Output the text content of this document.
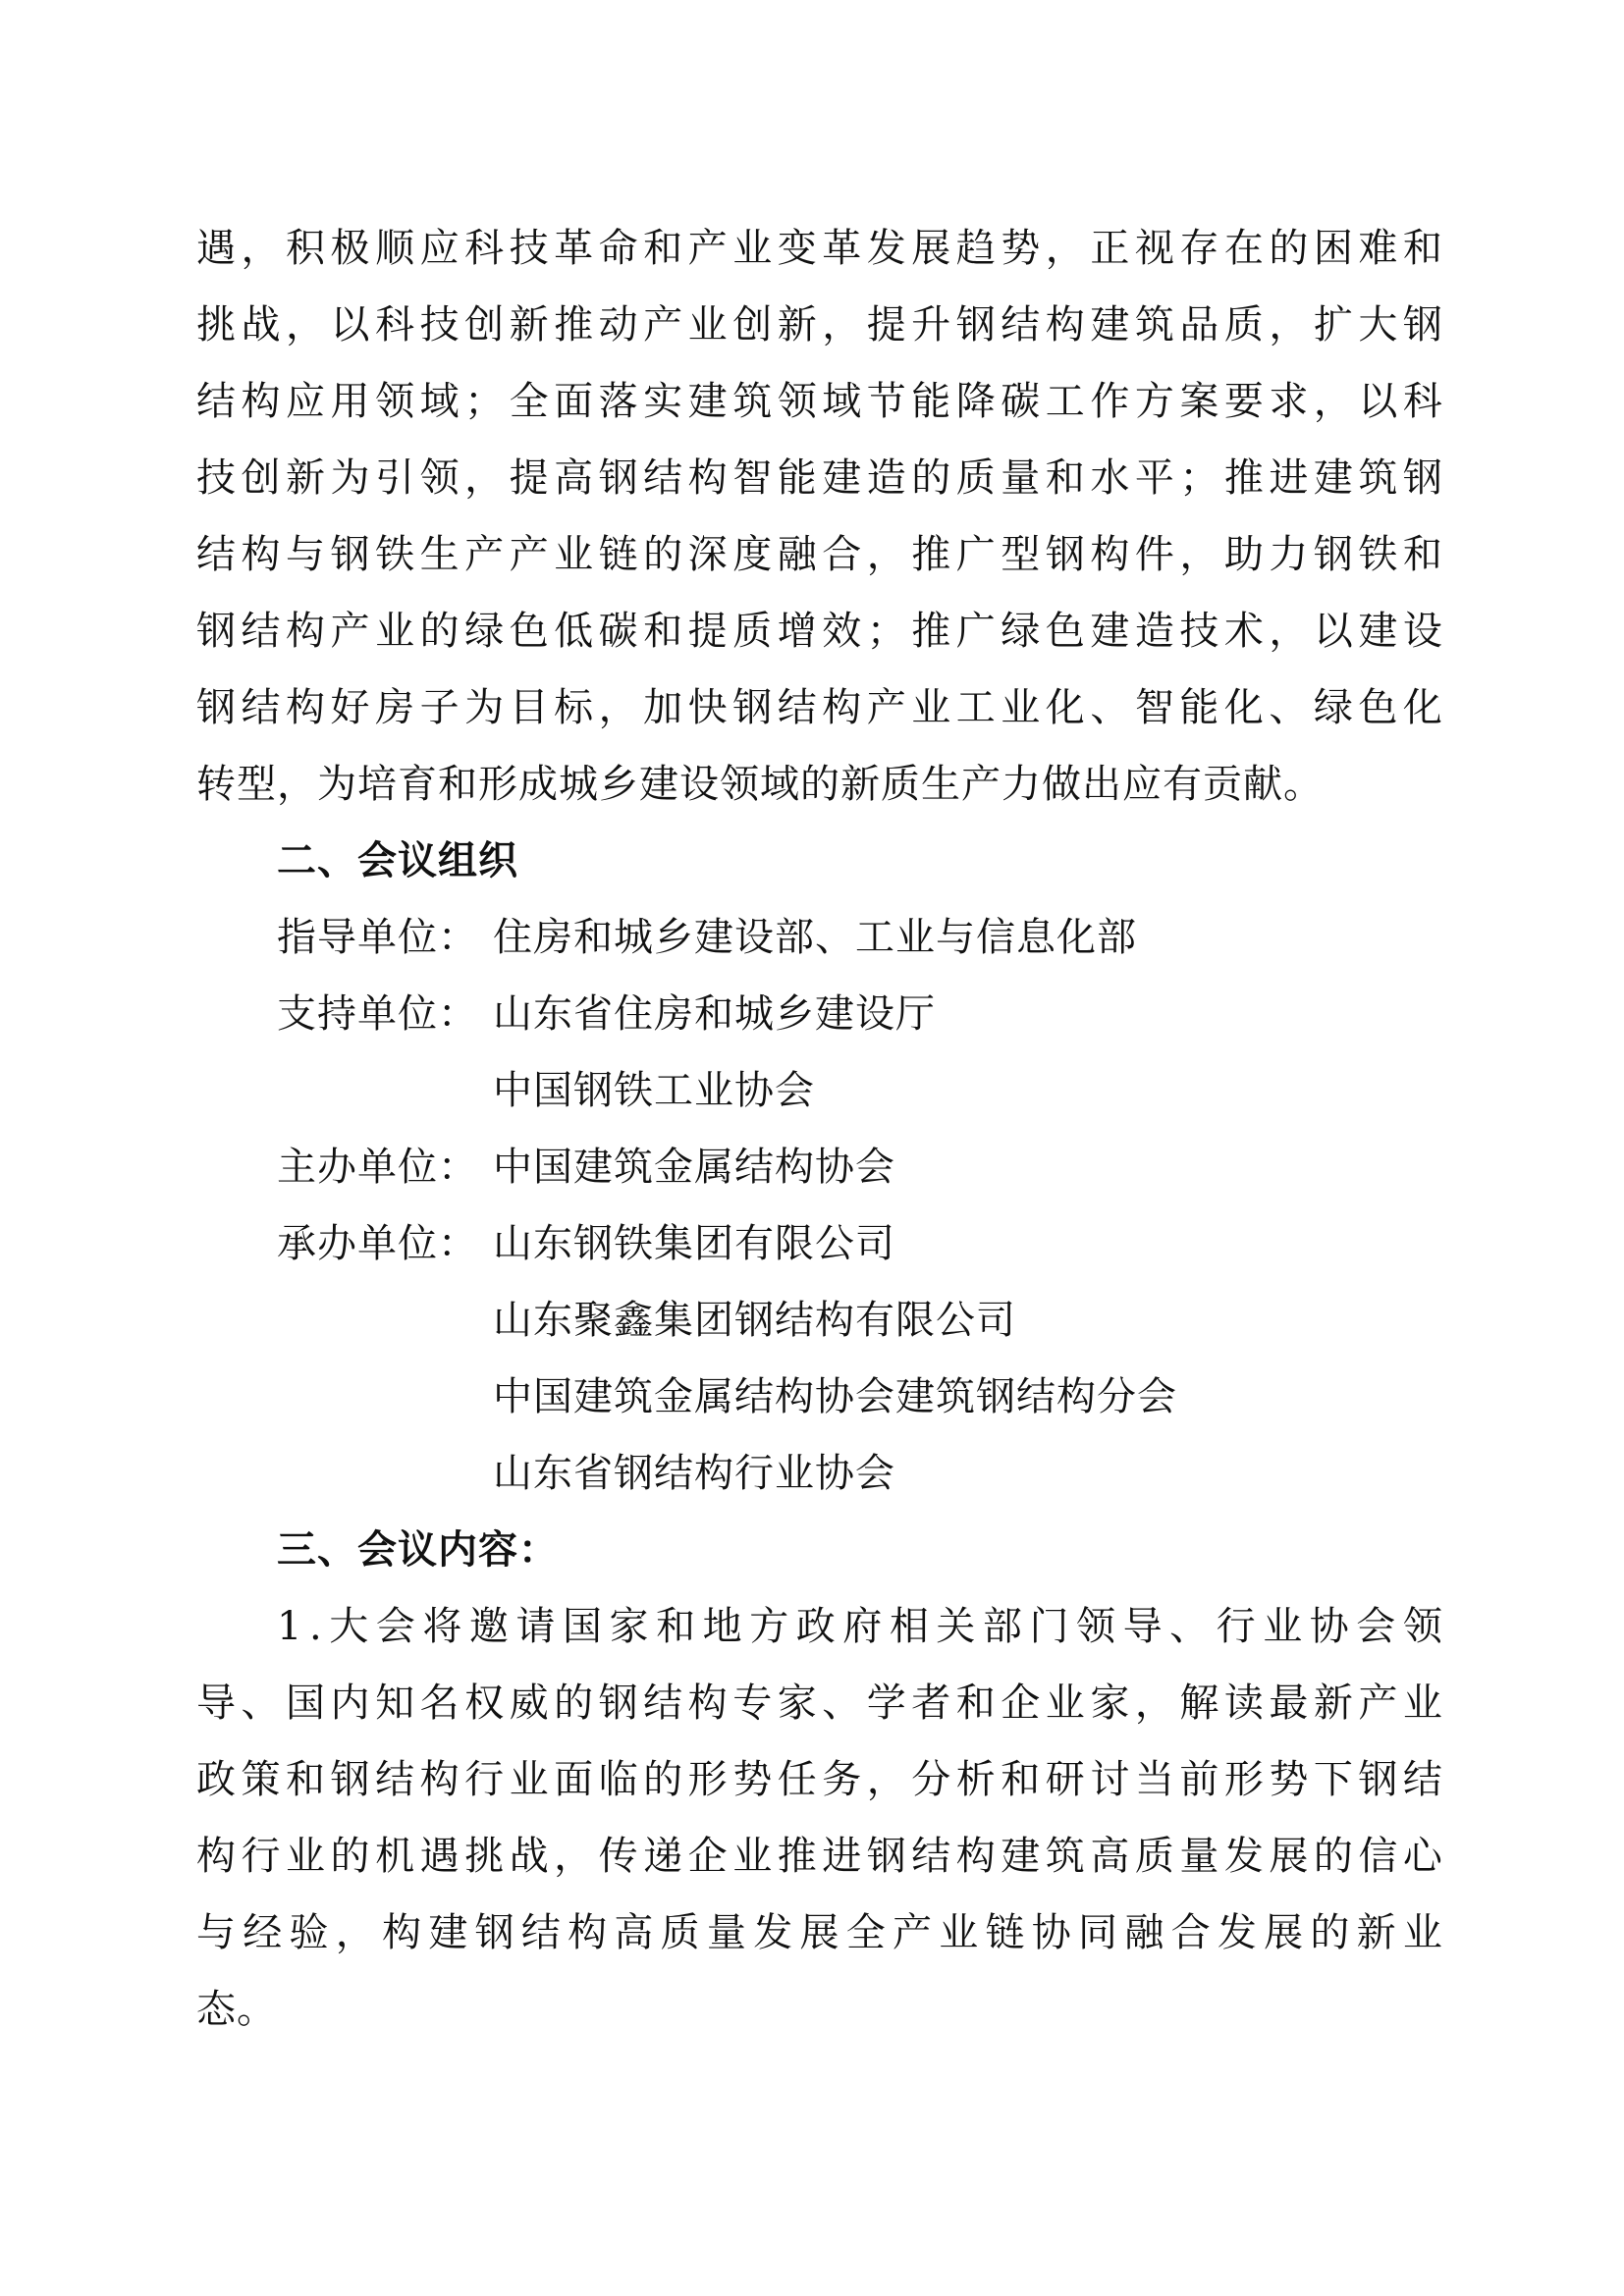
遇 ， 积 极 顺 应 科 技 革 命 和 产 业 变 革 发 展 趋 势 ， 正 视 存 在 的 困 难 和
挑 战 ， 以 科 技 创 新 推 动 产 业 创 新 ， 提 升 钢 结 构 建 筑 品 质 ， 扩 大 钢
结 构 应 用 领 域 ； 全 面 落 实 建 筑 领 域 节 能 降 碳 工 作 方 案 要 求 ， 以 科
技 创 新 为 引 领 ， 提 高 钢 结 构 智 能 建 造 的 质 量 和 水 平 ； 推 进 建 筑 钢
结 构 与 钢 铁 生 产 产 业 链 的 深 度 融 合 ， 推 广 型 钢 构 件 ， 助 力 钢 铁 和
钢 结 构 产 业 的 绿 色 低 碳 和 提 质 增 效 ； 推 广 绿 色 建 造 技 术 ， 以 建 设
钢 结 构 好 房 子 为 目 标 ， 加 快 钢 结 构 产 业 工 业 化 、 智 能 化 、 绿 色 化
转型，为培育和形成城乡建设领域的新质生产力做出应有贡献。
二、会议组织
指导单位： 住房和城乡建设部、工业与信息化部
支持单位： 山东省住房和城乡建设厅
中国钢铁工业协会
主办单位： 中国建筑金属结构协会
承办单位： 山东钢铁集团有限公司
山东聚鑫集团钢结构有限公司
中国建筑金属结构协会建筑钢结构分会
山东省钢结构行业协会
三、会议内容：
1 . 大 会 将 邀 请 国 家 和 地 方 政 府 相 关 部 门 领 导 、 行 业 协 会 领
导 、 国 内 知 名 权 威 的 钢 结 构 专 家 、 学 者 和 企 业 家 ， 解 读 最 新 产 业
政 策 和 钢 结 构 行 业 面 临 的 形 势 任 务 ， 分 析 和 研 讨 当 前 形 势 下 钢 结
构 行 业 的 机 遇 挑 战 ， 传 递 企 业 推 进 钢 结 构 建 筑 高 质 量 发 展 的 信 心
与 经 验 ， 构 建 钢 结 构 高 质 量 发 展 全 产 业 链 协 同 融 合 发 展 的 新 业
态。
